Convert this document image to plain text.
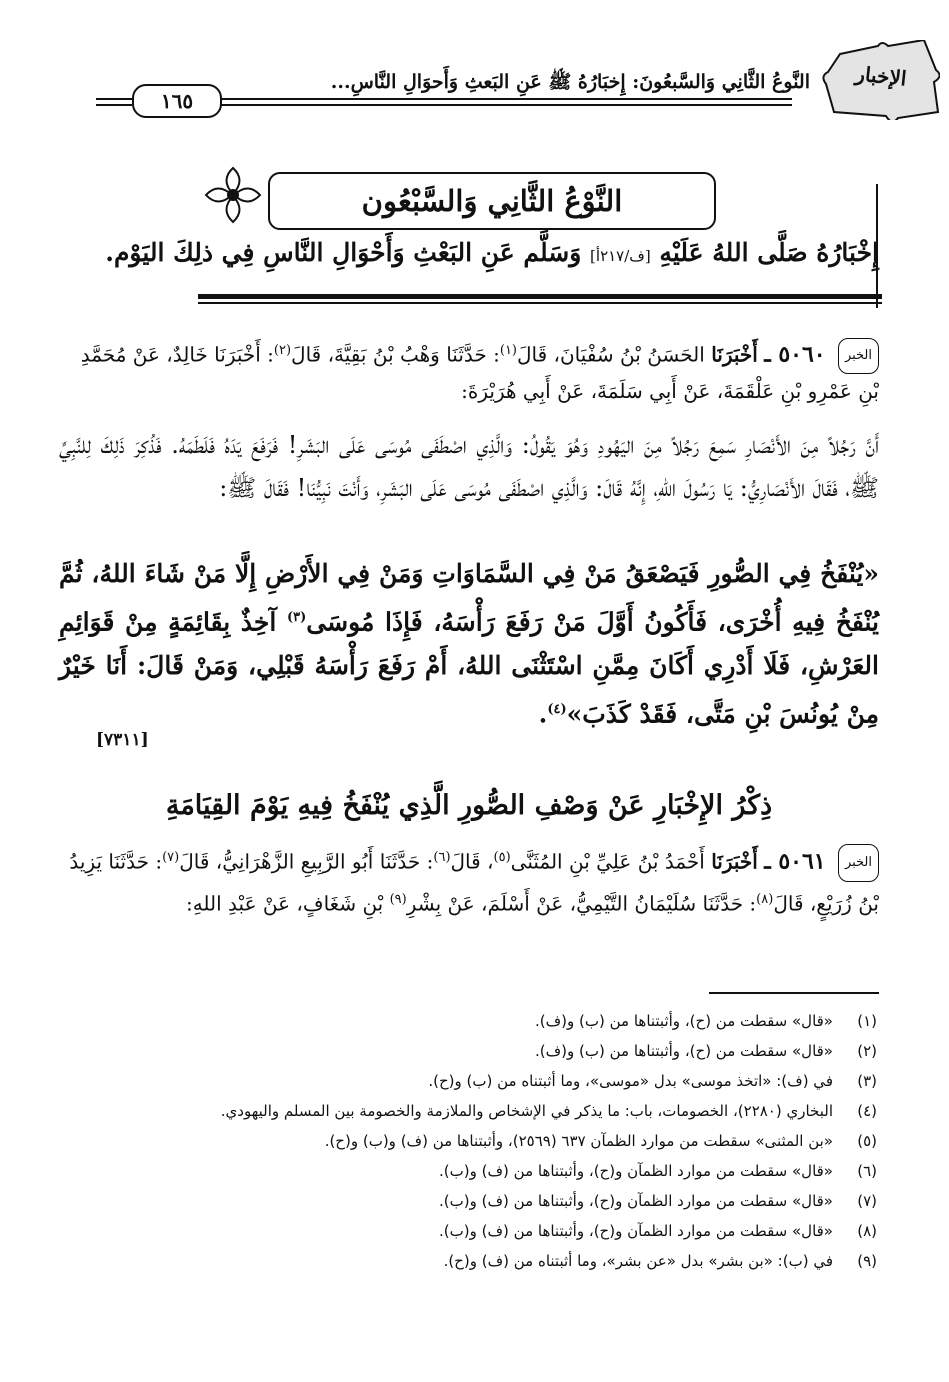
الإخبار
النَّوعُ الثَّانِي وَالسَّبعُونَ: إِخبَارُهُ ﷺ عَنِ البَعثِ وَأَحوَالِ النَّاسِ...
١٦٥
النَّوْعُ الثَّانِي وَالسَّبْعُون
إِخْبَارُهُ صَلَّى اللهُ عَلَيْهِ [ف/٢١٧أ] وَسَلَّم عَنِ البَعْثِ وَأَحْوَالِ النَّاسِ فِي ذلِكَ اليَوْم.
الخبر ٥٠٦٠ ـ أَخْبَرَنَا الحَسَنُ بْنُ سُفْيَانَ، قَالَ$^{(١)}$: حَدَّثَنَا وَهْبُ بْنُ بَقِيَّةَ، قَالَ$^{(٢)}$: أَخْبَرَنَا خَالِدٌ، عَنْ مُحَمَّدِ بْنِ عَمْرِو بْنِ عَلْقَمَةَ، عَنْ أَبِي سَلَمَةَ، عَنْ أَبِي هُرَيْرَةَ:
أَنَّ رَجُلاً مِنَ الأَنْصَارِ سَمِعَ رَجُلاً مِنَ اليَهُودِ وَهُوَ يَقُولُ: وَالَّذِي اصْطَفَى مُوسَى عَلَى البَشَرِ! فَرَفَعَ يَدَهُ فَلَطَمَهُ. فَذُكِرَ ذَلِكَ لِلنَّبِيِّ ﷺ، فَقَالَ الأَنْصَارِيُّ: يَا رَسُولَ اللهِ، إِنَّهُ قَالَ: وَالَّذِي اصْطَفَى مُوسَى عَلَى البَشَرِ، وَأَنْتَ نَبِيُّنَا! فَقَالَ ﷺ:
«يُنْفَخُ فِي الصُّورِ فَيَصْعَقُ مَنْ فِي السَّمَاوَاتِ وَمَنْ فِي الأَرْضِ إِلَّا مَنْ شَاءَ اللهُ، ثُمَّ يُنْفَخُ فِيهِ أُخْرَى، فَأَكُونُ أَوَّلَ مَنْ رَفَعَ رَأْسَهُ، فَإِذَا مُوسَى$^{(٣)}$ آخِذٌ بِقَائِمَةٍ مِنْ قَوَائِمِ العَرْشِ، فَلَا أَدْرِي أَكَانَ مِمَّنِ اسْتَثْنَى اللهُ، أَمْ رَفَعَ رَأْسَهُ قَبْلِي، وَمَنْ قَالَ: أَنَا خَيْرٌ مِنْ يُونُسَ بْنِ مَتَّى، فَقَدْ كَذَبَ»$^{(٤)}$.
[٧٣١١]
ذِكْرُ الإِخْبَارِ عَنْ وَصْفِ الصُّورِ الَّذِي يُنْفَخُ فِيهِ يَوْمَ القِيَامَةِ
الخبر ٥٠٦١ ـ أَخْبَرَنَا أَحْمَدُ بْنُ عَلِيِّ بْنِ المُثَنَّى$^{(٥)}$، قَالَ$^{(٦)}$: حَدَّثَنَا أَبُو الرَّبِيعِ الزَّهْرَانِيُّ، قَالَ$^{(٧)}$: حَدَّثَنَا يَزِيدُ بْنُ زُرَيْعٍ، قَالَ$^{(٨)}$: حَدَّثَنَا سُلَيْمَانُ التَّيْمِيُّ، عَنْ أَسْلَمَ، عَنْ بِشْرِ$^{(٩)}$ بْنِ شَغَافٍ، عَنْ عَبْدِ اللهِ:
(١)
«قال» سقطت من (ح)، وأثبتناها من (ب) و(ف).
(٢)
«قال» سقطت من (ح)، وأثبتناها من (ب) و(ف).
(٣)
في (ف): «اتخذ موسى» بدل «موسى»، وما أثبتناه من (ب) و(ح).
(٤)
البخاري (٢٢٨٠)، الخصومات، باب: ما يذكر في الإشخاص والملازمة والخصومة بين المسلم واليهودي.
(٥)
«بن المثنى» سقطت من موارد الظمآن ٦٣٧ (٢٥٦٩)، وأثبتناها من (ف) و(ب) و(ح).
(٦)
«قال» سقطت من موارد الظمآن و(ح)، وأثبتناها من (ف) و(ب).
(٧)
«قال» سقطت من موارد الظمآن و(ح)، وأثبتناها من (ف) و(ب).
(٨)
«قال» سقطت من موارد الظمآن و(ح)، وأثبتناها من (ف) و(ب).
(٩)
في (ب): «بن بشر» بدل «عن بشر»، وما أثبتناه من (ف) و(ح).
